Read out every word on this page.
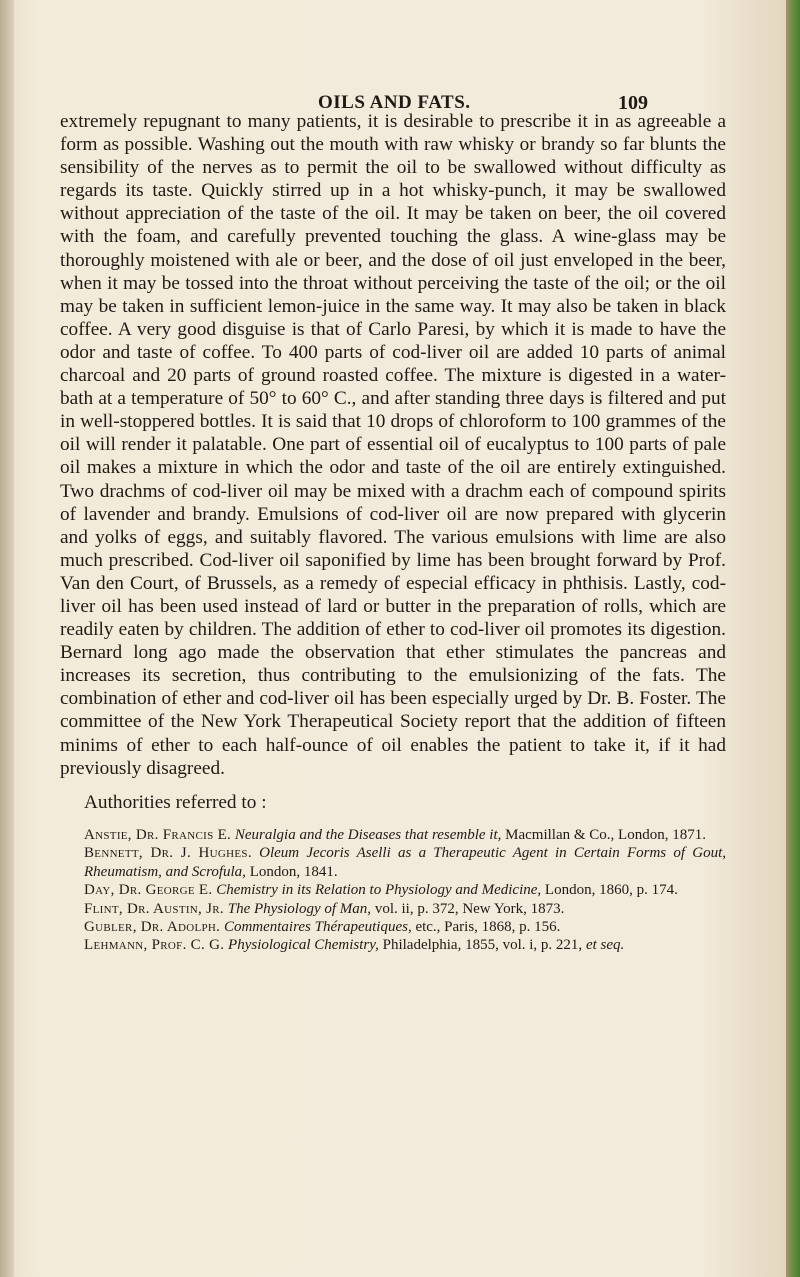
OILS AND FATS.	109

extremely repugnant to many patients, it is desirable to prescribe it in as agreeable a form as possible. Washing out the mouth with raw whisky or brandy so far blunts the sensibility of the nerves as to permit the oil to be swallowed without difficulty as regards its taste. Quickly stirred up in a hot whisky-punch, it may be swallowed without appreciation of the taste of the oil. It may be taken on beer, the oil covered with the foam, and carefully prevented touching the glass. A wine-glass may be thoroughly moistened with ale or beer, and the dose of oil just enveloped in the beer, when it may be tossed into the throat without perceiving the taste of the oil; or the oil may be taken in sufficient lemon-juice in the same way. It may also be taken in black coffee. A very good disguise is that of Carlo Paresi, by which it is made to have the odor and taste of coffee. To 400 parts of cod-liver oil are added 10 parts of animal charcoal and 20 parts of ground roasted coffee. The mixture is digested in a water-bath at a temperature of 50° to 60° C., and after standing three days is filtered and put in well-stoppered bottles. It is said that 10 drops of chloroform to 100 grammes of the oil will render it palatable. One part of essential oil of eucalyptus to 100 parts of pale oil makes a mixture in which the odor and taste of the oil are entirely extinguished. Two drachms of cod-liver oil may be mixed with a drachm each of compound spirits of lavender and brandy. Emulsions of cod-liver oil are now prepared with glycerin and yolks of eggs, and suitably flavored. The various emulsions with lime are also much prescribed. Cod-liver oil saponified by lime has been brought forward by Prof. Van den Court, of Brussels, as a remedy of especial efficacy in phthisis. Lastly, cod-liver oil has been used instead of lard or butter in the preparation of rolls, which are readily eaten by children. The addition of ether to cod-liver oil promotes its digestion. Bernard long ago made the observation that ether stimulates the pancreas and increases its secretion, thus contributing to the emulsionizing of the fats. The combination of ether and cod-liver oil has been especially urged by Dr. B. Foster. The committee of the New York Therapeutical Society report that the addition of fifteen minims of ether to each half-ounce of oil enables the patient to take it, if it had previously disagreed.

Authorities referred to :

Anstie, Dr. Francis E. Neuralgia and the Diseases that resemble it, Macmillan & Co., London, 1871.
Bennett, Dr. J. Hughes. Oleum Jecoris Aselli as a Therapeutic Agent in Certain Forms of Gout, Rheumatism, and Scrofula, London, 1841.
Day, Dr. George E. Chemistry in its Relation to Physiology and Medicine, London, 1860, p. 174.
Flint, Dr. Austin, Jr. The Physiology of Man, vol. ii, p. 372, New York, 1873.
Gubler, Dr. Adolph. Commentaires Thérapeutiques, etc., Paris, 1868, p. 156.
Lehmann, Prof. C. G. Physiological Chemistry, Philadelphia, 1855, vol. i, p. 221, et seq.
